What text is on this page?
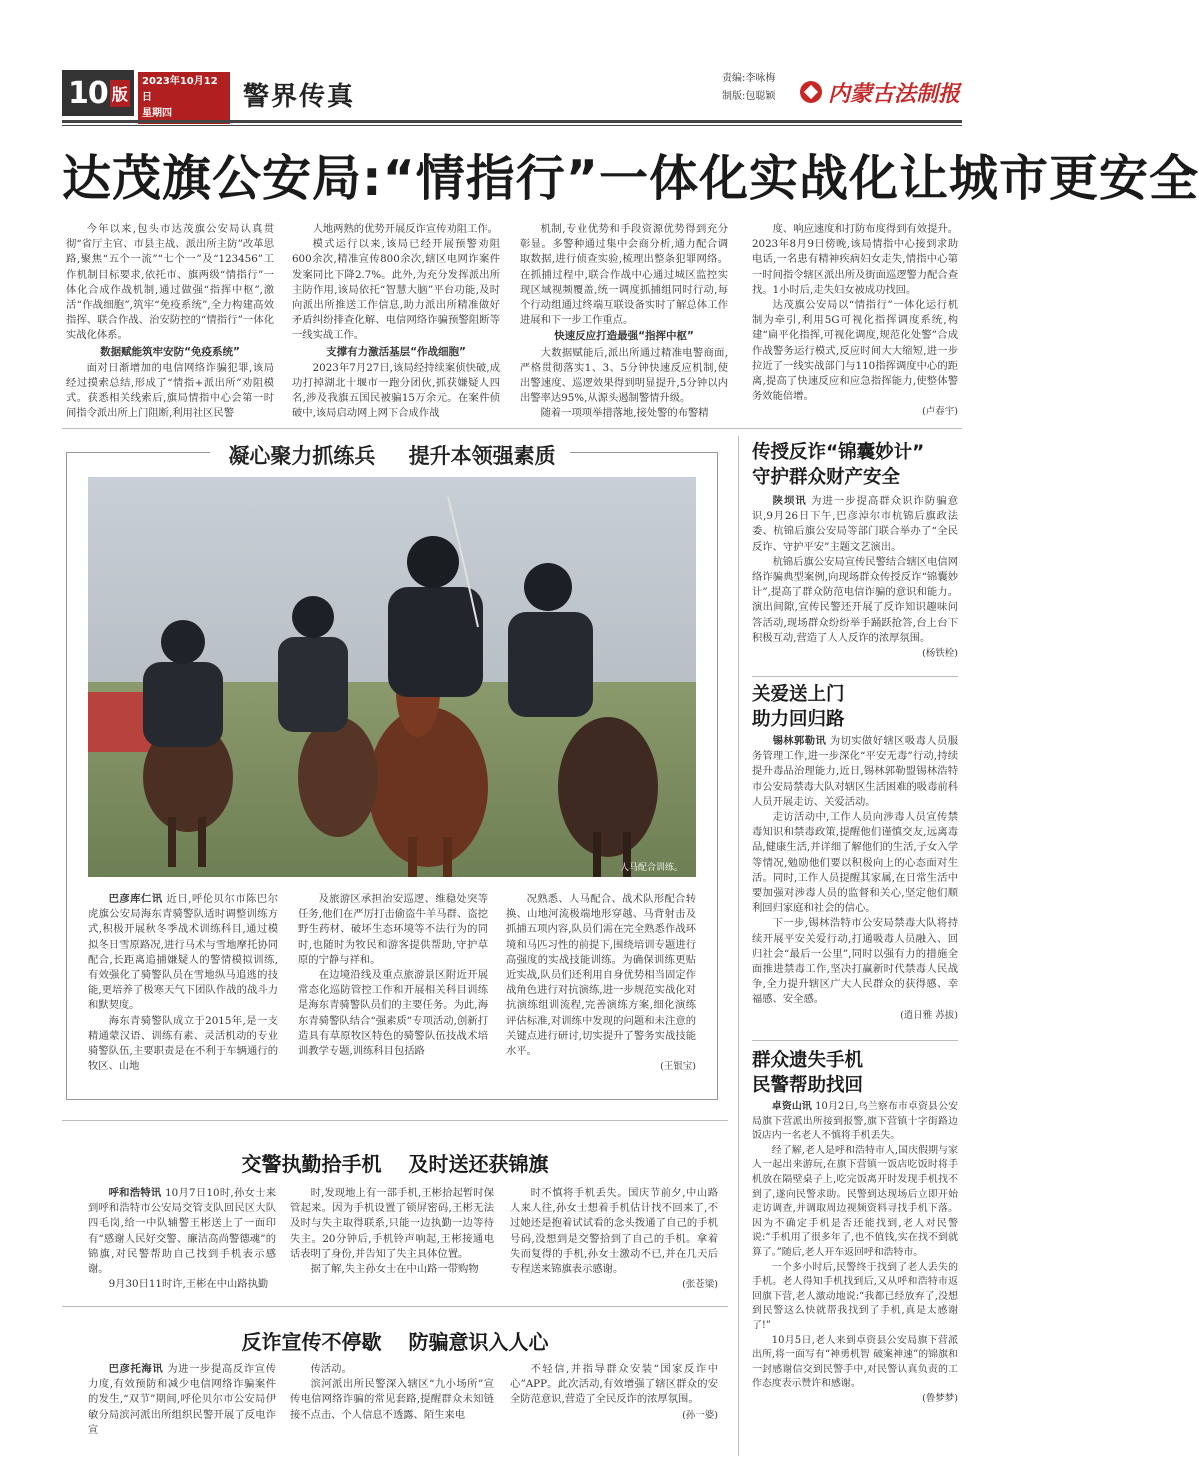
10 版
2023年10月12日
星期四
警界传真
责编:李咏梅
制版:包聪颖 内蒙古法制报
达茂旗公安局:“情指行”一体化实战化让城市更安全

今年以来,包头市达茂旗公安局认真贯彻“省厅主官、市县主战、派出所主防”改革思路,聚焦“五个一流”“七个一”及“123456”工作机制目标要求,依托市、旗两级“情指行”一体化合成作战机制,通过做强“指挥中枢”,激活“作战细胞”,筑牢“免疫系统”,全力构建高效指挥、联合作战、治安防控的“情指行”一体化实战化体系。

数据赋能筑牢安防“免疫系统”

面对日渐增加的电信网络诈骗犯罪,该局经过摸索总结,形成了“情指+派出所”劝阻模式。获悉相关线索后,旗局情指中心会第一时间指令派出所上门阻断,利用社区民警

人地两熟的优势开展反诈宣传劝阻工作。

模式运行以来,该局已经开展预警劝阻600余次,精准宣传800余次,辖区电网诈案件发案同比下降2.7%。此外,为充分发挥派出所主防作用,该局依托“智慧大脑”平台功能,及时向派出所推送工作信息,助力派出所精准做好矛盾纠纷排查化解、电信网络诈骗预警阻断等一线实战工作。

支撑有力激活基层“作战细胞”

2023年7月27日,该局经持续案侦快破,成功打掉湖北十堰市一跑分团伙,抓获嫌疑人四名,涉及我旗五国民被骗15万余元。在案件侦破中,该局启动网上网下合成作战

机制,专业优势和手段资源优势得到充分彰显。多警种通过集中会商分析,通力配合调取数据,进行侦查实验,梳理出整条犯罪网络。在抓捕过程中,联合作战中心通过城区监控实现区域视频覆盖,统一调度抓捕组同时行动,每个行动组通过终端互联设备实时了解总体工作进展和下一步工作重点。

快速反应打造最强“指挥中枢”

大数据赋能后,派出所通过精准电警商面,严格贯彻落实1、3、5分钟快速反应机制,使出警速度、巡逻效果得到明显提升,5分钟以内出警率达95%,从源头遏制警情升级。

随着一项项举措落地,接处警的布警精

度、响应速度和打防布度得到有效提升。2023年8月9日傍晚,该局情指中心接到求助电话,一名患有精神疾病妇女走失,情指中心第一时间指令辖区派出所及街面巡逻警力配合查找。1小时后,走失妇女被成功找回。

达茂旗公安局以“情指行”一体化运行机制为牵引,利用5G可视化指挥调度系统,构建“扁平化指挥,可视化调度,规范化处警”合成作战警务运行模式,反应时间大大缩短,进一步拉近了一线实战部门与110指挥调度中心的距离,提高了快速反应和应急指挥能力,使整体警务效能倍增。

(卢春宇)

凝心聚力抓练兵 提升本领强素质
人马配合训练。

巴彦库仁讯 近日,呼伦贝尔市陈巴尔虎旗公安局海东青骑警队适时调整训练方式,积极开展秋冬季战术训练科目,通过模拟冬日雪原路况,进行马术与雪地摩托协同配合,长距离追捕嫌疑人的警情模拟训练,有效强化了骑警队员在雪地纵马追逃的技能,更培养了极寒天气下团队作战的战斗力和默契度。

海东青骑警队成立于2015年,是一支精通蒙汉语、训练有素、灵活机动的专业骑警队伍,主要职责是在不利于车辆通行的牧区、山地

及旅游区承担治安巡逻、维稳处突等任务,他们在严厉打击偷盗牛羊马群、盗挖野生药材、破坏生态环境等不法行为的同时,也随时为牧民和游客提供帮助,守护草原的宁静与祥和。

在边境沿线及重点旅游景区附近开展常态化巡防管控工作和开展相关科目训练是海东青骑警队员们的主要任务。为此,海东青骑警队结合“强素质”专项活动,创新打造具有草原牧区特色的骑警队伍技战术培训教学专题,训练科目包括路

况熟悉、人马配合、战术队形配合转换、山地河流极端地形穿越、马背射击及抓捕五项内容,队员们需在完全熟悉作战环境和马匹习性的前提下,围绕培训专题进行高强度的实战技能训练。为确保训练更贴近实战,队员们还利用自身优势相当固定作战角色进行对抗演练,进一步规范实战化对抗演练组训流程,完善演练方案,细化演练评估标准,对训练中发现的问题和未注意的关键点进行研讨,切实提升了警务实战技能水平。

(王银宝)

传授反诈“锦囊妙计”
守护群众财产安全

陕坝讯 为进一步提高群众识诈防骗意识,9月26日下午,巴彦淖尔市杭锦后旗政法委、杭锦后旗公安局等部门联合举办了“全民反诈、守护平安”主题文艺演出。

杭锦后旗公安局宣传民警结合辖区电信网络诈骗典型案例,向现场群众传授反诈“锦囊妙计”,提高了群众防范电信诈骗的意识和能力。演出间隙,宣传民警还开展了反诈知识趣味问答活动,现场群众纷纷举手踊跃抢答,台上台下积极互动,营造了人人反诈的浓厚氛围。

(杨铁栓)

关爱送上门
助力回归路

锡林郭勒讯 为切实做好辖区吸毒人员服务管理工作,进一步深化“平安无毒”行动,持续提升毒品治理能力,近日,锡林郭勒盟锡林浩特市公安局禁毒大队对辖区生活困难的吸毒前科人员开展走访、关爱活动。

走访活动中,工作人员向涉毒人员宣传禁毒知识和禁毒政策,提醒他们谨慎交友,远离毒品,健康生活,并详细了解他们的生活,子女入学等情况,勉励他们要以积极向上的心态面对生活。同时,工作人员提醒其家属,在日常生活中要加强对涉毒人员的监督和关心,坚定他们顺利回归家庭和社会的信心。

下一步,锡林浩特市公安局禁毒大队将持续开展平安关爱行动,打通吸毒人员融入、回归社会“最后一公里”,同时以强有力的措施全面推进禁毒工作,坚决打赢新时代禁毒人民战争,全力提升辖区广大人民群众的获得感、幸福感、安全感。

(逍日雅 苏拔)

群众遗失手机
民警帮助找回

卓资山讯 10月2日,乌兰察布市卓资县公安局旗下营派出所接到报警,旗下营镇十字街路边饭店内一名老人不慎将手机丢失。

经了解,老人是呼和浩特市人,国庆假期与家人一起出来游玩,在旗下营镇一饭店吃饭时将手机放在隔壁桌子上,吃完饭离开时发现手机找不到了,遂向民警求助。民警到达现场后立即开始走访调查,并调取周边视频资料寻找手机下落。因为不确定手机是否还能找到,老人对民警说:“手机用了很多年了,也不值钱,实在找不到就算了。”随后,老人开车返回呼和浩特市。

一个多小时后,民警终于找到了老人丢失的手机。老人得知手机找到后,又从呼和浩特市返回旗下营,老人激动地说:“我都已经放弃了,没想到民警这么快就帮我找到了手机,真是太感谢了!”

10月5日,老人来到卓资县公安局旗下营派出所,将一面写有“神勇机智 破案神速”的锦旗和一封感谢信交到民警手中,对民警认真负责的工作态度表示赞许和感谢。

(鲁梦梦)

交警执勤拾手机 及时送还获锦旗

呼和浩特讯 10月7日10时,孙女士来到呼和浩特市公安局交管支队回民区大队四毛岗,给一中队辅警王彬送上了一面印有“感谢人民好交警、廉洁高尚警德魂”的锦旗,对民警帮助自己找到手机表示感谢。

9月30日11时许,王彬在中山路执勤

时,发现地上有一部手机,王彬拾起暂时保管起来。因为手机设置了锁屏密码,王彬无法及时与失主取得联系,只能一边执勤一边等待失主。20分钟后,手机铃声响起,王彬接通电话表明了身份,并告知了失主具体位置。

据了解,失主孙女士在中山路一带购物

时不慎将手机丢失。国庆节前夕,中山路人来人往,孙女士想着手机估计找不回来了,不过她还是抱着试试看的念头拨通了自己的手机号码,没想到是交警拾到了自己的手机。拿着失而复得的手机,孙女士激动不已,并在几天后专程送来锦旗表示感谢。

(张苍梁)

反诈宣传不停歇 防骗意识入人心

巴彦托海讯 为进一步提高反诈宣传力度,有效预防和减少电信网络诈骗案件的发生,“双节”期间,呼伦贝尔市公安局伊敏分局滨河派出所组织民警开展了反电诈宣

传活动。

滨河派出所民警深入辖区“九小场所”宣传电信网络诈骗的常见套路,提醒群众未知链接不点击、个人信息不透露、陌生来电

不轻信,并指导群众安装“国家反诈中心”APP。此次活动,有效增强了辖区群众的安全防范意识,营造了全民反诈的浓厚氛围。

(孙一婆)
